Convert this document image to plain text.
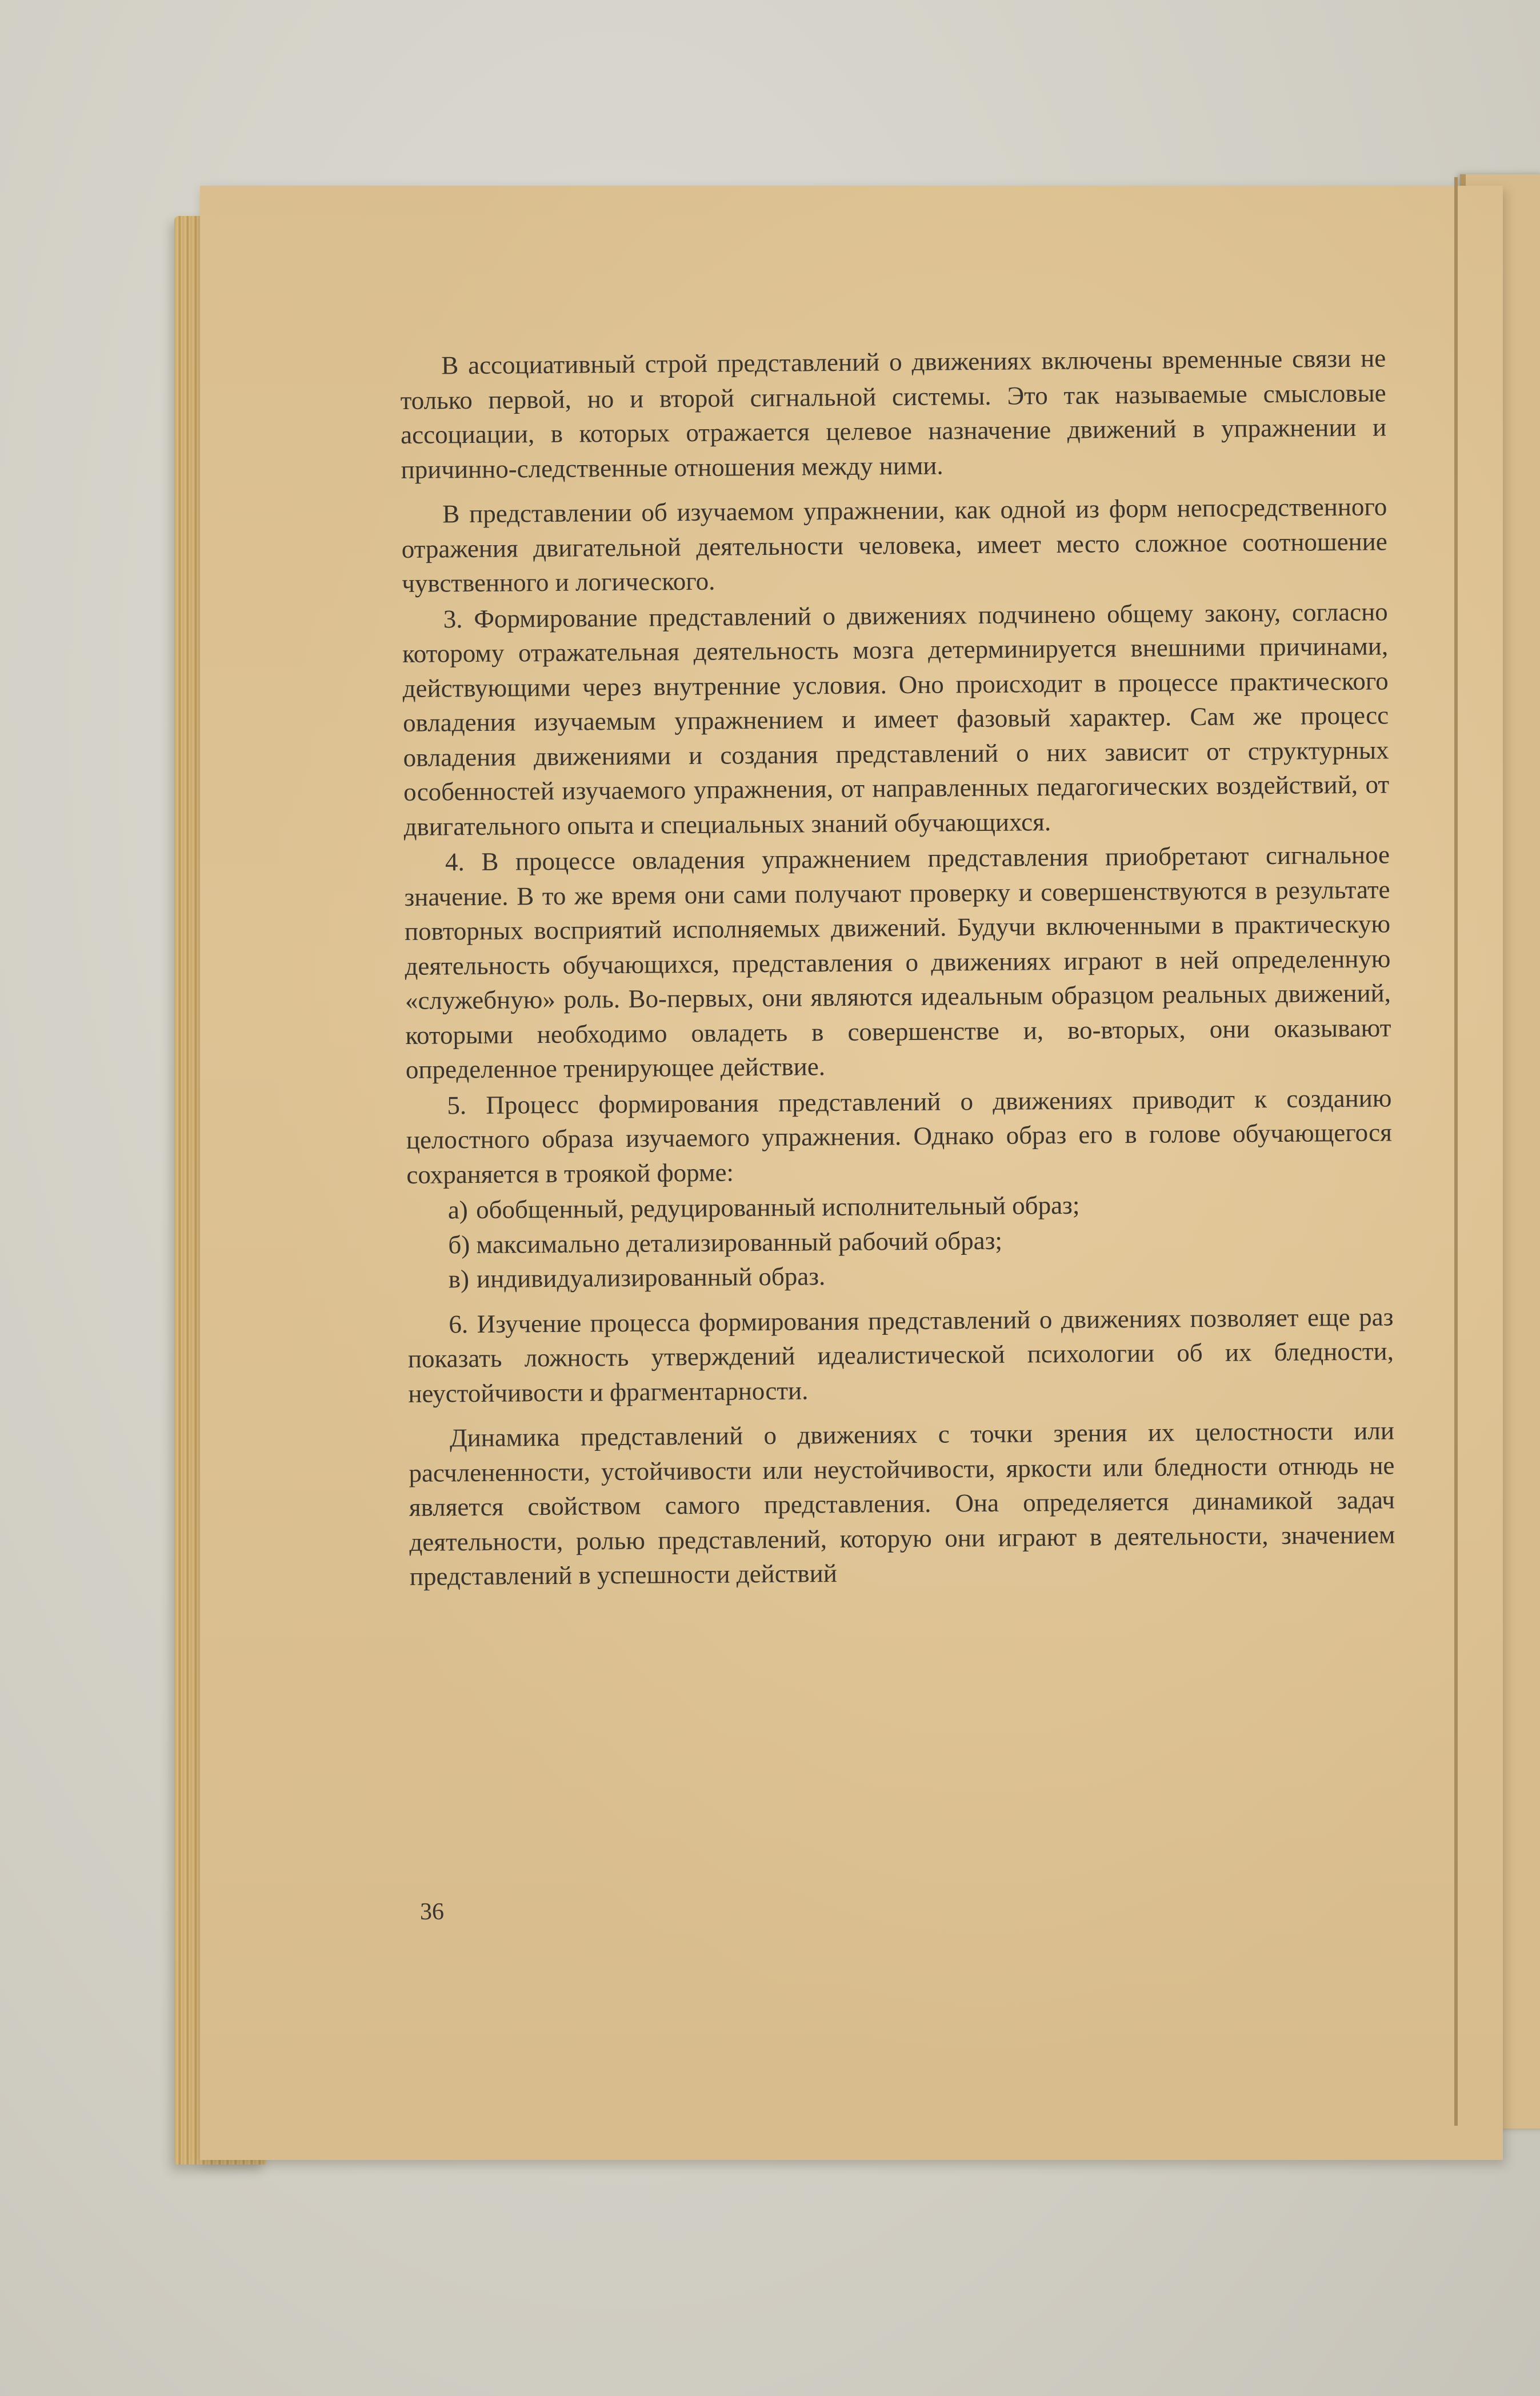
В ассоциативный строй представлений о движениях включены временные связи не только первой, но и второй сигнальной системы. Это так называемые смысловые ассоциации, в которых отражается целевое назначение движений в упражнении и причинно-следственные отношения между ними.

В представлении об изучаемом упражнении, как одной из форм непосредственного отражения двигательной деятельности человека, имеет место сложное соотношение чувственного и логического.

3. Формирование представлений о движениях подчинено общему закону, согласно которому отражательная деятельность мозга детерминируется внешними причинами, действующими через внутренние условия. Оно происходит в процессе практического овладения изучаемым упражнением и имеет фазовый характер. Сам же процесс овладения движениями и создания представлений о них зависит от структурных особенностей изучаемого упражнения, от направленных педагогических воздействий, от двигательного опыта и специальных знаний обучающихся.

4. В процессе овладения упражнением представления приобретают сигнальное значение. В то же время они сами получают проверку и совершенствуются в результате повторных восприятий исполняемых движений. Будучи включенными в практическую деятельность обучающихся, представления о движениях играют в ней определенную «служебную» роль. Во-первых, они являются идеальным образцом реальных движений, которыми необходимо овладеть в совершенстве и, во-вторых, они оказывают определенное тренирующее действие.

5. Процесс формирования представлений о движениях приводит к созданию целостного образа изучаемого упражнения. Однако образ его в голове обучающегося сохраняется в троякой форме:

а) обобщенный, редуцированный исполнительный образ;
б) максимально детализированный рабочий образ;
в) индивидуализированный образ.

6. Изучение процесса формирования представлений о движениях позволяет еще раз показать ложность утверждений идеалистической психологии об их бледности, неустойчивости и фрагментарности.

Динамика представлений о движениях с точки зрения их целостности или расчлененности, устойчивости или неустойчивости, яркости или бледности отнюдь не является свойством самого представления. Она определяется динамикой задач деятельности, ролью представлений, которую они играют в деятельности, значением представлений в успешности действий

36
